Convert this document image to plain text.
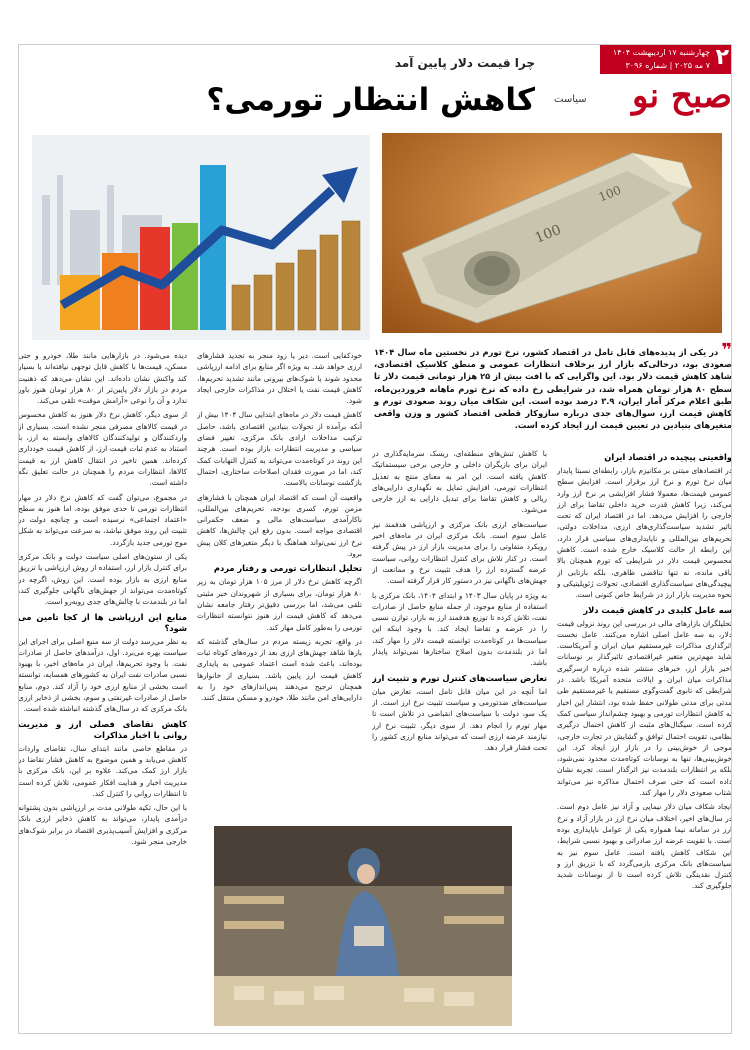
۲
چهارشنبه ۱۷ اردیبهشت ۱۴۰۴
۷ مه ۲۰۲۵ | شماره ۳۰۹۶
صبح نو
سیاست
چرا قیمت دلار پایین آمد
کاهش انتظار تورمی؟
100
100
❞ در یکی از پدیده‌های قابل تامل در اقتصاد کشور، نرخ تورم در نخستین ماه سال ۱۴۰۴ صعودی بود، درحالی‌که بازار ارز برخلاف انتظارات عمومی و منطق کلاسیک اقتصادی، شاهد کاهش قیمت دلار بود. این واگرایی که با افت بیش از ۲۵ هزار تومانی قیمت دلار تا سطح ۸۰ هزار تومان همراه شد، در شرایطی رخ داده که نرخ تورم ماهانه فروردین‌ماه، طبق اعلام مرکز آمار ایران، ۳.۹ درصد بوده است. این شکاف میان روند صعودی تورم و کاهش قیمت ارز، سوال‌های جدی درباره سازوکار قطعی اقتصاد کشور و وزن واقعی متغیرهای بنیادین در تعیین قیمت ارز ایجاد کرده است.
واقعیتی پیچیده در اقتصاد ایران

در اقتصادهای مبتنی بر مکانیزم بازار، رابطه‌ای نسبتا پایدار میان نرخ تورم و نرخ ارز برقرار است. افزایش سطح عمومی قیمت‌ها، معمولا فشار افزایشی بر نرخ ارز وارد می‌کند، زیرا کاهش قدرت خرید داخلی تقاضا برای ارز خارجی را افزایش می‌دهد. اما در اقتصاد ایران که تحت تاثیر تشدید سیاست‌گذاری‌های ارزی، مداخلات دولتی، تحریم‌های بین‌المللی و ناپایداری‌های سیاسی قرار دارد، این رابطه از حالت کلاسیک خارج شده است. کاهش محسوس قیمت دلار در شرایطی که تورم همچنان بالا باقی مانده، نه تنها تناقضی ظاهری، بلکه بازتابی از پیچیدگی‌های سیاست‌گذاری اقتصادی، تحولات ژئوپلیتیکی و نحوه مدیریت بازار ارز در شرایط خاص کنونی است.

سه عامل کلیدی در کاهش قیمت دلار

تحلیلگران بازارهای مالی در بررسی این روند نزولی قیمت دلار، به سه عامل اصلی اشاره می‌کنند. عامل نخست اثرگذاری مذاکرات غیرمستقیم میان ایران و آمریکاست. شاید مهم‌ترین متغیر غیراقتصادی تاثیرگذار بر نوسانات اخیر بازار ارز، خبرهای منتشر شده درباره ازسرگیری مذاکرات میان ایران و ایالات متحده آمریکا باشد. در شرایطی که تابوی گفت‌وگوی مستقیم یا غیرمستقیم طی مدتی برای مدتی طولانی حفظ شده بود، انتشار این اخبار به کاهش انتظارات تورمی و بهبود چشم‌انداز سیاسی کمک کرده است. سیگنال‌های مثبت از کاهش احتمال درگیری نظامی، تقویت احتمال توافق و گشایش در تجارت خارجی، موجی از خوش‌بینی را در بازار ارز ایجاد کرد. این خوش‌بینی‌ها، تنها به نوسانات کوتاه‌مدت محدود نمی‌شود، بلکه بر انتظارات بلندمدت نیز اثرگذار است. تجربه نشان داده است که حتی صرف احتمال مذاکره نیز می‌تواند شتاب صعودی دلار را مهار کند.

ایجاد شکاف میان دلار نیمایی و آزاد نیز عامل دوم است. در سال‌های اخیر، اختلاف میان نرخ ارز در بازار آزاد و نرخ ارز در سامانه نیما همواره یکی از عوامل ناپایداری بوده است. با تقویت عرضه ارز صادراتی و بهبود نسبی شرایط، این شکاف کاهش یافته است. عامل سوم نیز به سیاست‌های بانک مرکزی بازمی‌گردد که با تزریق ارز و کنترل نقدینگی تلاش کرده است تا از نوسانات شدید جلوگیری کند.

با کاهش تنش‌های منطقه‌ای، ریسک سرمایه‌گذاری در ایران برای بازیگران داخلی و خارجی برخی سیستماتیک کاهش یافته است. این امر به معنای منتج به تعدیل انتظارات تورمی، افزایش تمایل به نگهداری دارایی‌های ریالی و کاهش تقاضا برای تبدیل دارایی به ارز خارجی می‌شود.

سیاست‌های ارزی بانک مرکزی و ارزپاشی هدفمند نیز عامل سوم است. بانک مرکزی ایران در ماه‌های اخیر رویکرد متفاوتی را برای مدیریت بازار ارز در پیش گرفته است. در کنار تلاش برای کنترل انتظارات روانی، سیاست عرضه گسترده ارز را هدف تثبیت نرخ و ممانعت از جهش‌های ناگهانی نیز در دستور کار قرار گرفته است.

به ویژه در پایان سال ۱۴۰۳ و ابتدای ۱۴۰۴، بانک مرکزی با استفاده از منابع موجود، از جمله منابع حاصل از صادرات نفت، تلاش کرده تا توزیع هدفمند ارز به بازار، توازن نسبی را در عرضه و تقاضا ایجاد کند. با وجود اینکه این سیاست‌ها در کوتاه‌مدت توانسته قیمت دلار را مهار کند، اما در بلندمدت بدون اصلاح ساختارها نمی‌تواند پایدار باشد.

تعارض سیاست‌های کنترل تورم و تثبیت ارز

اما آنچه در این میان قابل تامل است، تعارض میان سیاست‌های ضدتورمی و سیاست تثبیت نرخ ارز است. از یک سو، دولت با سیاست‌های انقباضی در تلاش است تا مهار تورم را انجام دهد. از سوی دیگر، تثبیت نرخ ارز نیازمند عرضه ارزی است که می‌تواند منابع ارزی کشور را تحت فشار قرار دهد.

خودکفایی است. دیر یا زود منجر به تجدید فشارهای ارزی خواهد شد. به ویژه اگر منابع برای ادامه ارزپاشی محدود شوند یا شوک‌های بیرونی مانند تشدید تحریم‌ها، کاهش قیمت نفت یا اختلال در مذاکرات خارجی ایجاد شود.

کاهش قیمت دلار در ماه‌های ابتدایی سال ۱۴۰۴ بیش از آنکه برآمده از تحولات بنیادین اقتصادی باشد، حاصل ترکیب مداخلات ارادی بانک مرکزی، تغییر فضای سیاسی و مدیریت انتظارات بازار بوده است. هرچند این روند در کوتاه‌مدت می‌تواند به کنترل التهابات کمک کند، اما در صورت فقدان اصلاحات ساختاری، احتمال بازگشت نوسانات بالاست.

واقعیت آن است که اقتصاد ایران همچنان با فشارهای مزمن تورم، کسری بودجه، تحریم‌های بین‌المللی، ناکارآمدی سیاست‌های مالی و ضعف حکمرانی اقتصادی مواجه است. بدون رفع این چالش‌ها، کاهش نرخ ارز نمی‌تواند هماهنگ با دیگر متغیرهای کلان پیش برود.

تحلیل انتظارات تورمی و رفتار مردم

اگرچه کاهش نرخ دلار از مرز ۱۰۵ هزار تومان به زیر ۸۰ هزار تومان، برای بسیاری از شهروندان خبر مثبتی تلقی می‌شد، اما بررسی دقیق‌تر رفتار جامعه نشان می‌دهد که کاهش قیمت ارز هنوز نتوانسته انتظارات تورمی را به‌طور کامل مهار کند.

در واقع، تجربه زیسته مردم در سال‌های گذشته که بارها شاهد جهش‌های ارزی بعد از دوره‌های کوتاه ثبات بوده‌اند، باعث شده است اعتماد عمومی به پایداری کاهش قیمت ارز پایین باشد. بسیاری از خانوارها همچنان ترجیح می‌دهند پس‌اندازهای خود را به دارایی‌های امن مانند طلا، خودرو و مسکن منتقل کنند.

دیده می‌شود. در بازارهایی مانند طلا، خودرو و حتی مسکن، قیمت‌ها با کاهش قابل توجهی نیافته‌اند یا بسیار کند واکنش نشان داده‌اند. این نشان می‌دهد که ذهنیت مردم در بازار دلار پایین‌تر از ۸۰ هزار تومان هنوز باور ندارد و آن را نوعی «آرامش موقت» تلقی می‌کند.

از سوی دیگر، کاهش نرخ دلار هنوز به کاهش محسوس در قیمت کالاهای مصرفی منجر نشده است. بسیاری از واردکنندگان و تولیدکنندگان کالاهای وابسته به ارز، با استناد به عدم ثبات قیمت ارز، از کاهش قیمت خودداری کرده‌اند. همین تاخیر در انتقال کاهش ارز به قیمت کالاها، انتظارات مردم را همچنان در حالت تعلیق نگه داشته است.

در مجموع، می‌توان گفت که کاهش نرخ دلار در مهار انتظارات تورمی تا حدی موفق بوده، اما هنوز به سطح «اعتماد اجتماعی» نرسیده است و چنانچه دولت در تثبیت این روند موفق نباشد، به سرعت می‌تواند به شکل موج تورمی جدید بازگردد.

یکی از ستون‌های اصلی سیاست دولت و بانک مرکزی برای کنترل بازار ارز، استفاده از روش ارزپاشی یا تزریق منابع ارزی به بازار بوده است. این روش، اگرچه در کوتاه‌مدت می‌تواند از جهش‌های ناگهانی جلوگیری کند، اما در بلندمدت با چالش‌های جدی روبه‌رو است.

منابع این ارزپاشی ها از کجا تامین می شود؟

به نظر می‌رسد دولت از سه منبع اصلی برای اجرای این سیاست بهره می‌برد. اول، درآمدهای حاصل از صادرات نفت. با وجود تحریم‌ها، ایران در ماه‌های اخیر، با بهبود نسبی صادرات نفت ایران به کشورهای همسایه، توانسته است بخشی از منابع ارزی خود را آزاد کند. دوم، منابع حاصل از صادرات غیرنفتی و سوم، بخشی از ذخایر ارزی بانک مرکزی که در سال‌های گذشته انباشته شده است.

کاهش تقاضای فصلی ارز و مدیریت روانی با اخبار مذاکرات

در مقاطع خاصی مانند ابتدای سال، تقاضای واردات کاهش می‌یابد و همین موضوع به کاهش فشار تقاضا در بازار ارز کمک می‌کند. علاوه بر این، بانک مرکزی با مدیریت اخبار و هدایت افکار عمومی، تلاش کرده است تا انتظارات روانی را کنترل کند.

با این حال، تکیه طولانی مدت بر ارزپاشی بدون پشتوانه درآمدی پایدار، می‌تواند به کاهش ذخایر ارزی بانک مرکزی و افزایش آسیب‌پذیری اقتصاد در برابر شوک‌های خارجی منجر شود.
